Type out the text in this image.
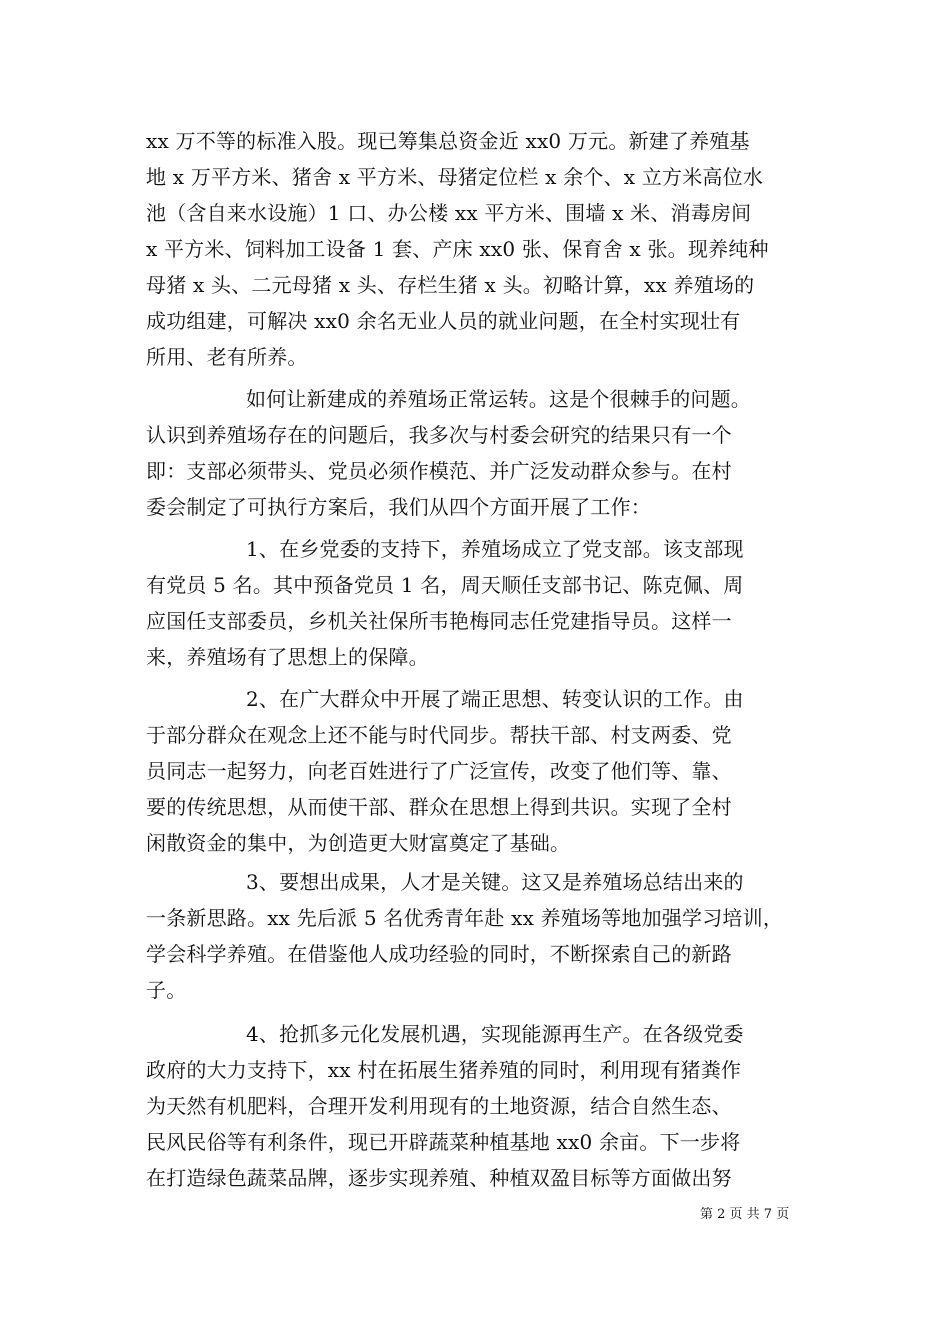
xx 万不等的标准入股。现已筹集总资金近 xx0 万元。新建了养殖基
地 x 万平方米、猪舍 x 平方米、母猪定位栏 x 余个、x 立方米高位水
池（含自来水设施）1 口、办公楼 xx 平方米、围墙 x 米、消毒房间
x 平方米、饲料加工设备 1 套、产床 xx0 张、保育舍 x 张。现养纯种
母猪 x 头、二元母猪 x 头、存栏生猪 x 头。初略计算，xx 养殖场的
成功组建，可解决 xx0 余名无业人员的就业问题，在全村实现壮有
所用、老有所养。
如何让新建成的养殖场正常运转。这是个很棘手的问题。
认识到养殖场存在的问题后，我多次与村委会研究的结果只有一个
即：支部必须带头、党员必须作模范、并广泛发动群众参与。在村
委会制定了可执行方案后，我们从四个方面开展了工作：
1、在乡党委的支持下，养殖场成立了党支部。该支部现
有党员 5 名。其中预备党员 1 名，周天顺任支部书记、陈克佩、周
应国任支部委员，乡机关社保所韦艳梅同志任党建指导员。这样一
来，养殖场有了思想上的保障。
2、在广大群众中开展了端正思想、转变认识的工作。由
于部分群众在观念上还不能与时代同步。帮扶干部、村支两委、党
员同志一起努力，向老百姓进行了广泛宣传，改变了他们等、靠、
要的传统思想，从而使干部、群众在思想上得到共识。实现了全村
闲散资金的集中，为创造更大财富奠定了基础。
3、要想出成果，人才是关键。这又是养殖场总结出来的
一条新思路。xx 先后派 5 名优秀青年赴 xx 养殖场等地加强学习培训，
学会科学养殖。在借鉴他人成功经验的同时，不断探索自己的新路
子。
4、抢抓多元化发展机遇，实现能源再生产。在各级党委
政府的大力支持下，xx 村在拓展生猪养殖的同时，利用现有猪粪作
为天然有机肥料，合理开发利用现有的土地资源，结合自然生态、
民风民俗等有利条件，现已开辟蔬菜种植基地 xx0 余亩。下一步将
在打造绿色蔬菜品牌，逐步实现养殖、种植双盈目标等方面做出努
第 2 页 共 7 页
